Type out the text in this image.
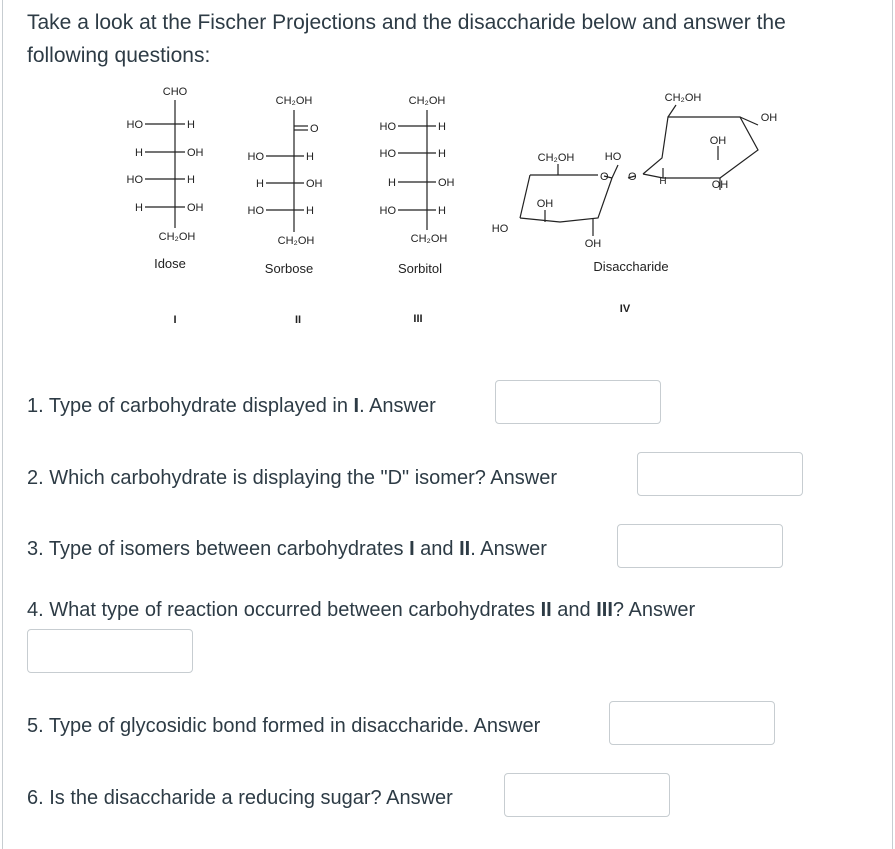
Take a look at the Fischer Projections and the disaccharide below and answer the following questions:
CHO
HO	H
H	OH
HO	H
H	OH
CH₂OH
Idose
I
CH₂OH
O
HO	H
H	OH
HO	H
CH₂OH
Sorbose
II
CH₂OH
HO	H
HO	H
H	OH
HO	H
CH₂OH
Sorbitol
III
CH₂OH	HO
O
OH
HO
OH
O
CH₂OH
OH
OH
H	OH
Disaccharide
IV
1. Type of carbohydrate displayed in I. Answer
2. Which carbohydrate is displaying the "D" isomer? Answer
3. Type of isomers between carbohydrates I and II. Answer
4. What type of reaction occurred between carbohydrates II and III? Answer
5. Type of glycosidic bond formed in disaccharide. Answer
6. Is the disaccharide a reducing sugar? Answer
